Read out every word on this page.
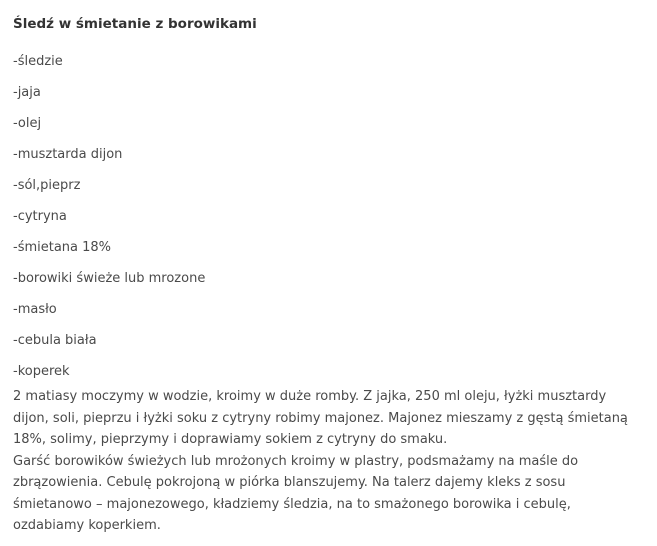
Śledź w śmietanie z borowikami
-śledzie
-jaja
-olej
-musztarda dijon
-sól,pieprz
-cytryna
-śmietana 18%
-borowiki świeże lub mrozone
-masło
-cebula biała
-koperek

2 matiasy moczymy w wodzie, kroimy w duże romby. Z jajka, 250 ml oleju, łyżki musztardy dijon, soli, pieprzu i łyżki soku z cytryny robimy majonez. Majonez mieszamy z gęstą śmietaną 18%, solimy, pieprzymy i doprawiamy sokiem z cytryny do smaku.

Garść borowików świeżych lub mrożonych kroimy w plastry, podsmażamy na maśle do zbrązowienia. Cebulę pokrojoną w piórka blanszujemy. Na talerz dajemy kleks z sosu śmietanowo – majonezowego, kładziemy śledzia, na to smażonego borowika i cebulę, ozdabiamy koperkiem.
